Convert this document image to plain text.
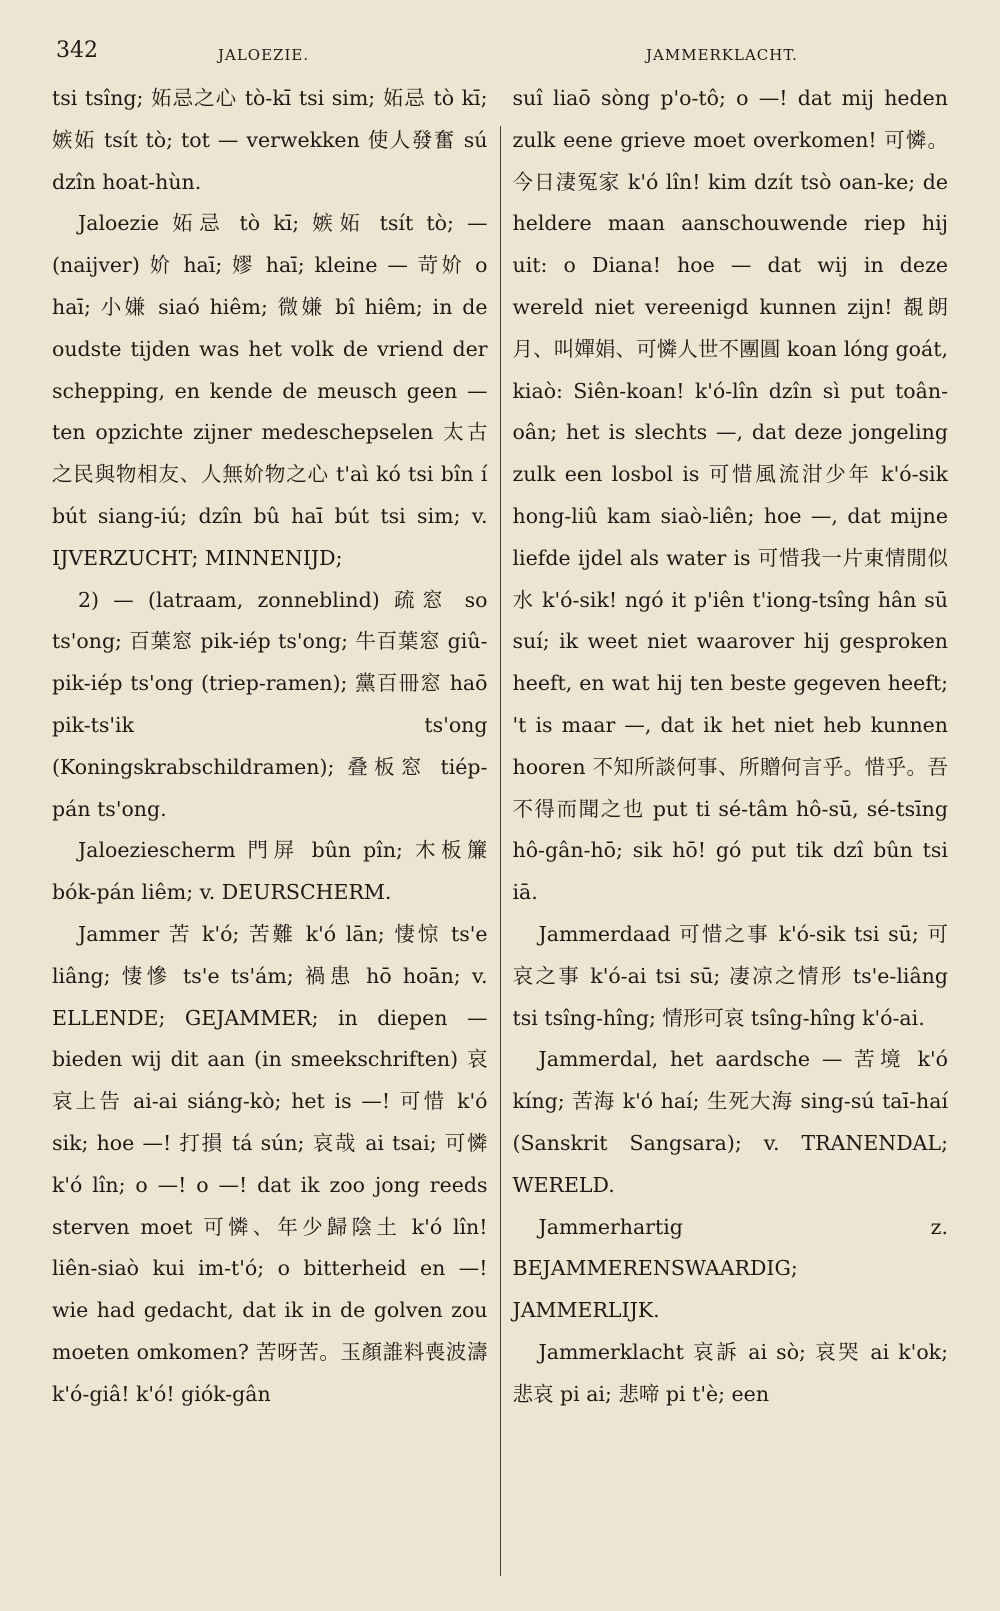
342	JALOEZIE.	JAMMERKLACHT.

tsi tsîng; 妬忌之心 tò-kī tsi sim; 妬忌 tò kī; 嫉妬 tsít tò; tot — verwekken 使人發奮 sú dzîn hoat-hùn.

Jaloezie 妬忌 tò kī; 嫉妬 tsít tò; — (naijver) 妎 haī; 嫪 haī; kleine — 苛妎 o haī; 小嫌 siaó hiêm; 微嫌 bî hiêm; in de oudste tijden was het volk de vriend der schepping, en kende de meusch geen — ten opzichte zijner medeschepselen 太古之民與物相友、人無妎物之心 t'aì kó tsi bîn í bút siang-iú; dzîn bû haī bút tsi sim; v. IJVERZUCHT; MINNENIJD;

2) — (latraam, zonneblind) 疏窓 so ts'ong; 百葉窓 pik-iép ts'ong; 牛百葉窓 giû-pik-iép ts'ong (triep-ramen); 黨百冊窓 haō pik-ts'ik ts'ong (Koningskrabschildramen); 叠板窓 tiép-pán ts'ong.

Jaloeziescherm 門屏 bûn pîn; 木板簾 bók-pán liêm; v. DEURSCHERM.

Jammer 苦 k'ó; 苦難 k'ó lān; 悽惊 ts'e liâng; 悽慘 ts'e ts'ám; 禍患 hō hoān; v. ELLENDE; GEJAMMER; in diepen — bieden wij dit aan (in smeekschriften) 哀哀上告 ai-ai siáng-kò; het is —! 可惜 k'ó sik; hoe —! 打損 tá sún; 哀哉 ai tsai; 可憐 k'ó lîn; o —! o —! dat ik zoo jong reeds sterven moet 可憐、年少歸陰土 k'ó lîn! liên-siaò kui im-t'ó; o bitterheid en —! wie had gedacht, dat ik in de golven zou moeten omkomen? 苦呀苦。玉顏誰料喪波濤 k'ó-giâ! k'ó! giók-gân

suî liaō sòng p'o-tô; o —! dat mij heden zulk eene grieve moet overkomen! 可憐。今日淒冤家 k'ó lîn! kim dzít tsò oan-ke; de heldere maan aanschouwende riep hij uit: o Diana! hoe — dat wij in deze wereld niet vereenigd kunnen zijn! 覩朗月、叫嬋娟、可憐人世不團圓 koan lóng goát, kiaò: Siên-koan! k'ó-lîn dzîn sì put toân-oân; het is slechts —, dat deze jongeling zulk een losbol is 可惜風流泔少年 k'ó-sik hong-liû kam siaò-liên; hoe —, dat mijne liefde ijdel als water is 可惜我一片東情閒似水 k'ó-sik! ngó it p'iên t'iong-tsîng hân sū suí; ik weet niet waarover hij gesproken heeft, en wat hij ten beste gegeven heeft; 't is maar —, dat ik het niet heb kunnen hooren 不知所談何事、所贈何言乎。惜乎。吾不得而聞之也 put ti sé-tâm hô-sū, sé-tsīng hô-gân-hō; sik hō! gó put tik dzî bûn tsi iā.

Jammerdaad 可惜之事 k'ó-sik tsi sū; 可哀之事 k'ó-ai tsi sū; 凄凉之情形 ts'e-liâng tsi tsîng-hîng; 情形可哀 tsîng-hîng k'ó-ai.

Jammerdal, het aardsche — 苦境 k'ó kíng; 苦海 k'ó haí; 生死大海 sing-sú taī-haí (Sanskrit Sangsara); v. TRANENDAL; WERELD.

Jammerhartig z. BEJAMMERENSWAARDIG; JAMMERLIJK.

Jammerklacht 哀訴 ai sò; 哀哭 ai k'ok; 悲哀 pi ai; 悲啼 pi t'è; een
